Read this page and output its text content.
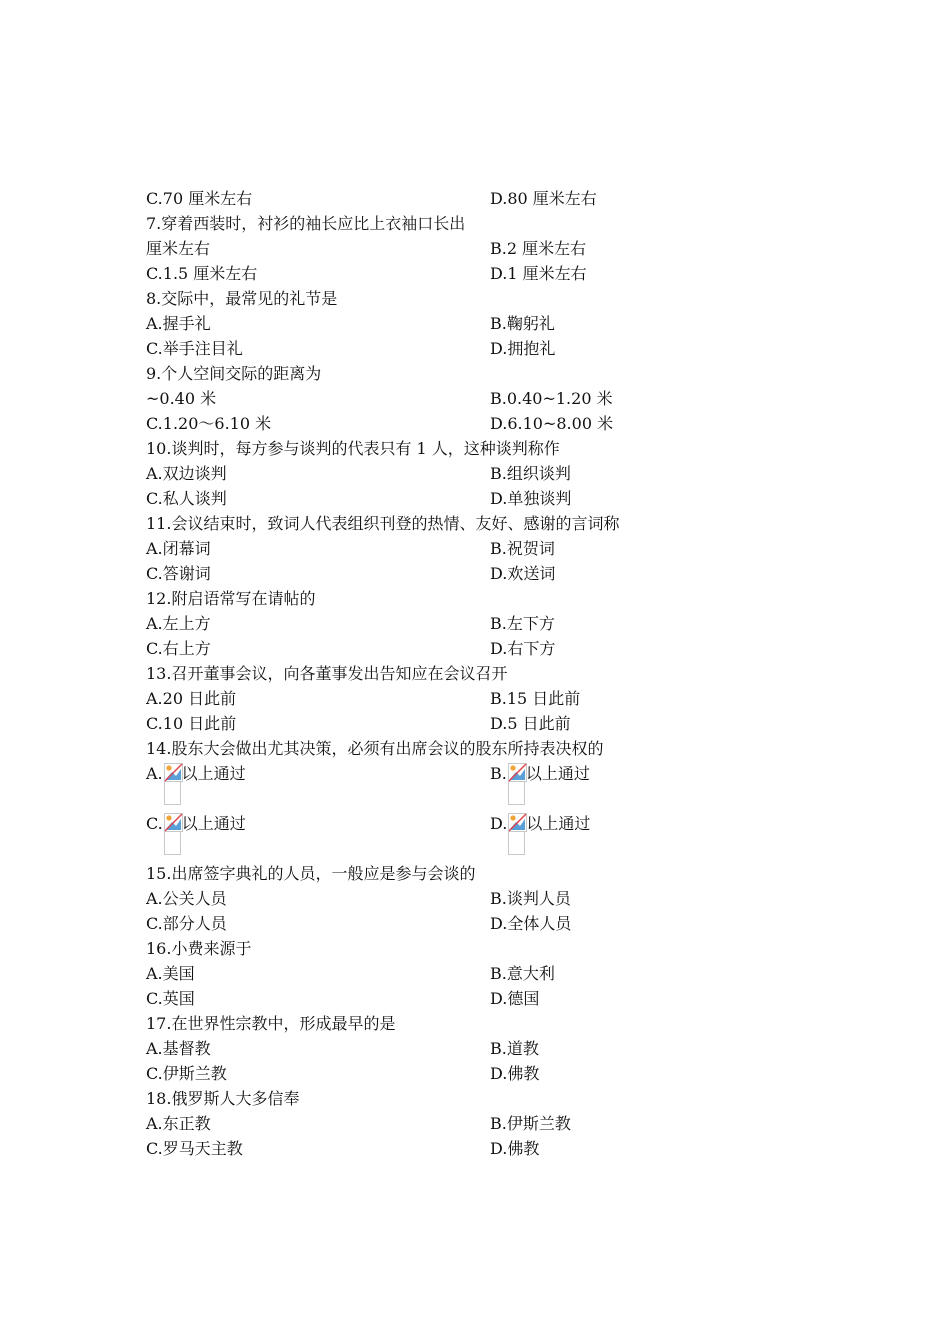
C.70 厘米左右	D.80 厘米左右
7.穿着西装时，衬衫的袖长应比上衣袖口长出
厘米左右	B.2 厘米左右
C.1.5 厘米左右	D.1 厘米左右
8.交际中，最常见的礼节是
A.握手礼	B.鞠躬礼
C.举手注目礼	D.拥抱礼
9.个人空间交际的距离为
~0.40 米	B.0.40~1.20 米
C.1.20～6.10 米	D.6.10~8.00 米
10.谈判时，每方参与谈判的代表只有 1 人，这种谈判称作
A.双边谈判	B.组织谈判
C.私人谈判	D.单独谈判
11.会议结束时，致词人代表组织刊登的热情、友好、感谢的言词称
A.闭幕词	B.祝贺词
C.答谢词	D.欢送词
12.附启语常写在请帖的
A.左上方	B.左下方
C.右上方	D.右下方
13.召开董事会议，向各董事发出告知应在会议召开
A.20 日此前	B.15 日此前
C.10 日此前	D.5 日此前
14.股东大会做出尤其决策，必须有出席会议的股东所持表决权的
A. 以上通过	B. 以上通过
C. 以上通过	D. 以上通过
15.出席签字典礼的人员，一般应是参与会谈的
A.公关人员	B.谈判人员
C.部分人员	D.全体人员
16.小费来源于
A.美国	B.意大利
C.英国	D.德国
17.在世界性宗教中，形成最早的是
A.基督教	B.道教
C.伊斯兰教	D.佛教
18.俄罗斯人大多信奉
A.东正教	B.伊斯兰教
C.罗马天主教	D.佛教
